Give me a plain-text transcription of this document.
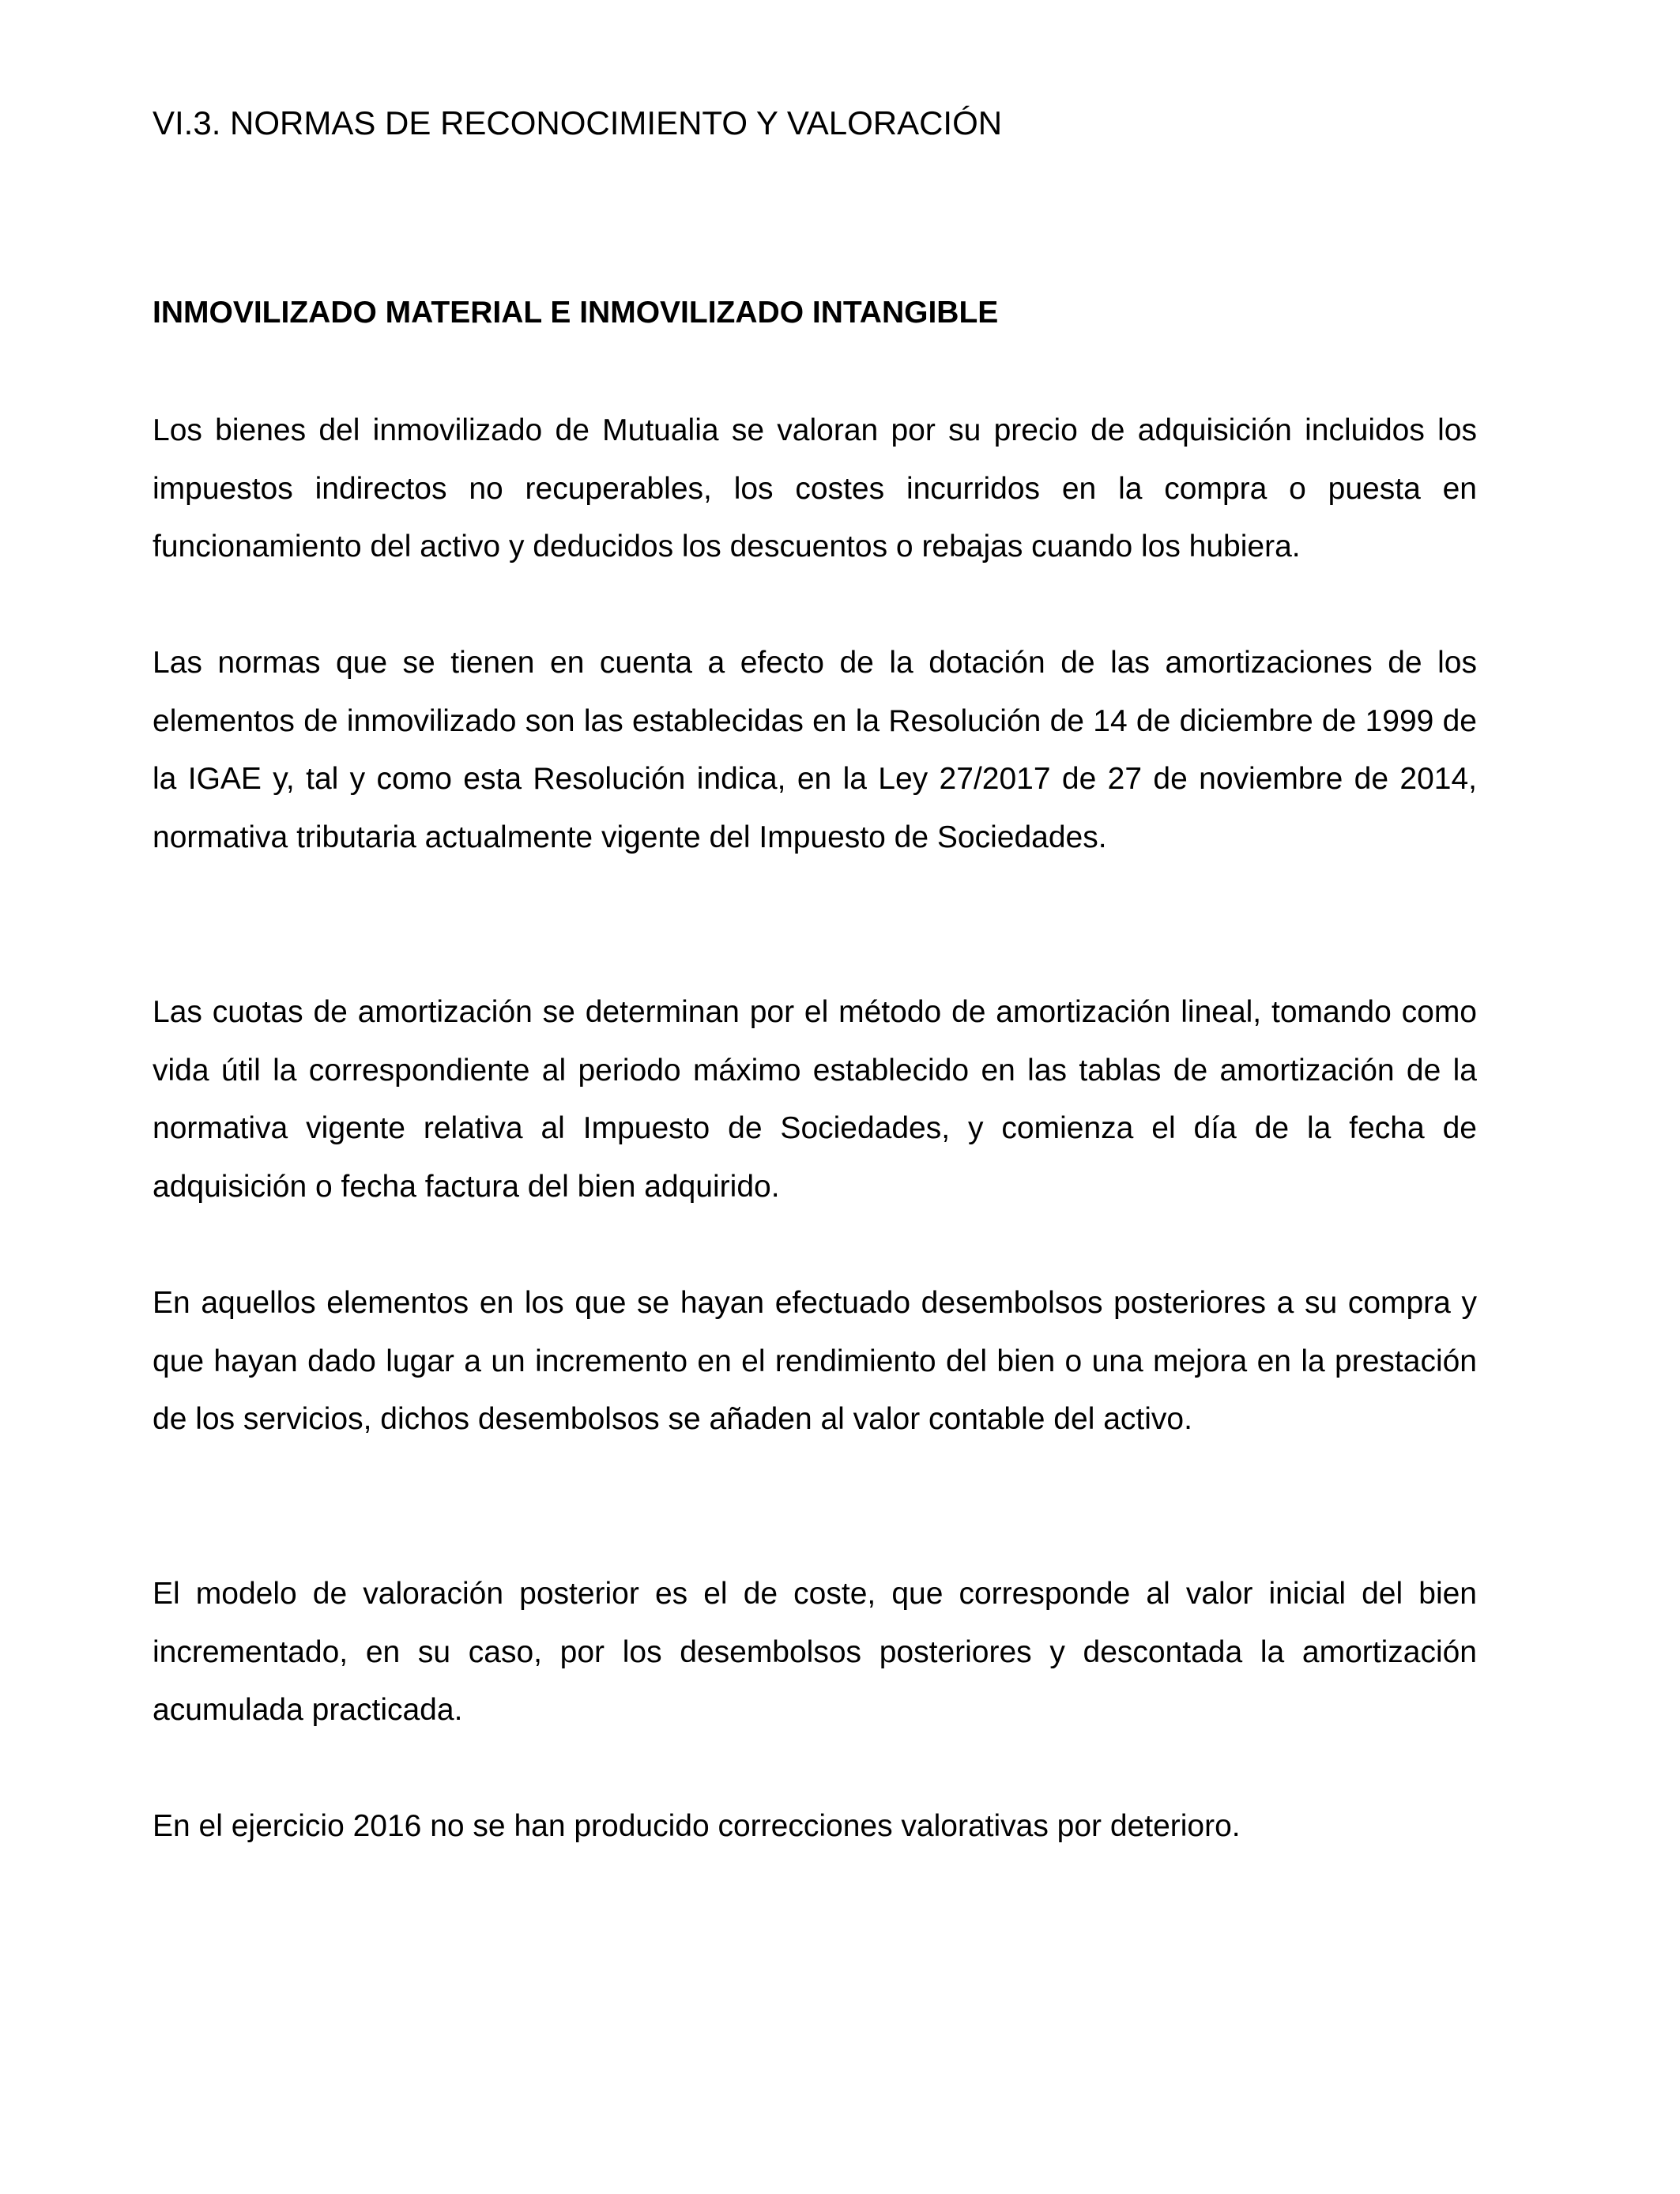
VI.3. NORMAS DE RECONOCIMIENTO Y VALORACIÓN
INMOVILIZADO MATERIAL E INMOVILIZADO INTANGIBLE

Los bienes del inmovilizado de Mutualia se valoran por su precio de adquisición incluidos los impuestos indirectos no recuperables, los costes incurridos en la compra o puesta en funcionamiento del activo y deducidos los descuentos o rebajas cuando los hubiera.

Las normas que se tienen en cuenta a efecto de la dotación de las amortizaciones de los elementos de inmovilizado son las establecidas en la Resolución de 14 de diciembre de 1999 de la IGAE y, tal y como esta Resolución indica, en la Ley 27/2017 de 27 de noviembre de 2014, normativa tributaria actualmente vigente del Impuesto de Sociedades.

Las cuotas de amortización se determinan por el método de amortización lineal, tomando como vida útil la correspondiente al periodo máximo establecido en las tablas de amortización de la normativa vigente relativa al Impuesto de Sociedades, y comienza el día de la fecha de adquisición o fecha factura del bien adquirido.

En aquellos elementos en los que se hayan efectuado desembolsos posteriores a su compra y que hayan dado lugar a un incremento en el rendimiento del bien o una mejora en la prestación de los servicios, dichos desembolsos se añaden al valor contable del activo.

El modelo de valoración posterior es el de coste, que corresponde al valor inicial del bien incrementado, en su caso, por los desembolsos posteriores y descontada la amortización acumulada practicada.

En el ejercicio 2016 no se han producido correcciones valorativas por deterioro.
